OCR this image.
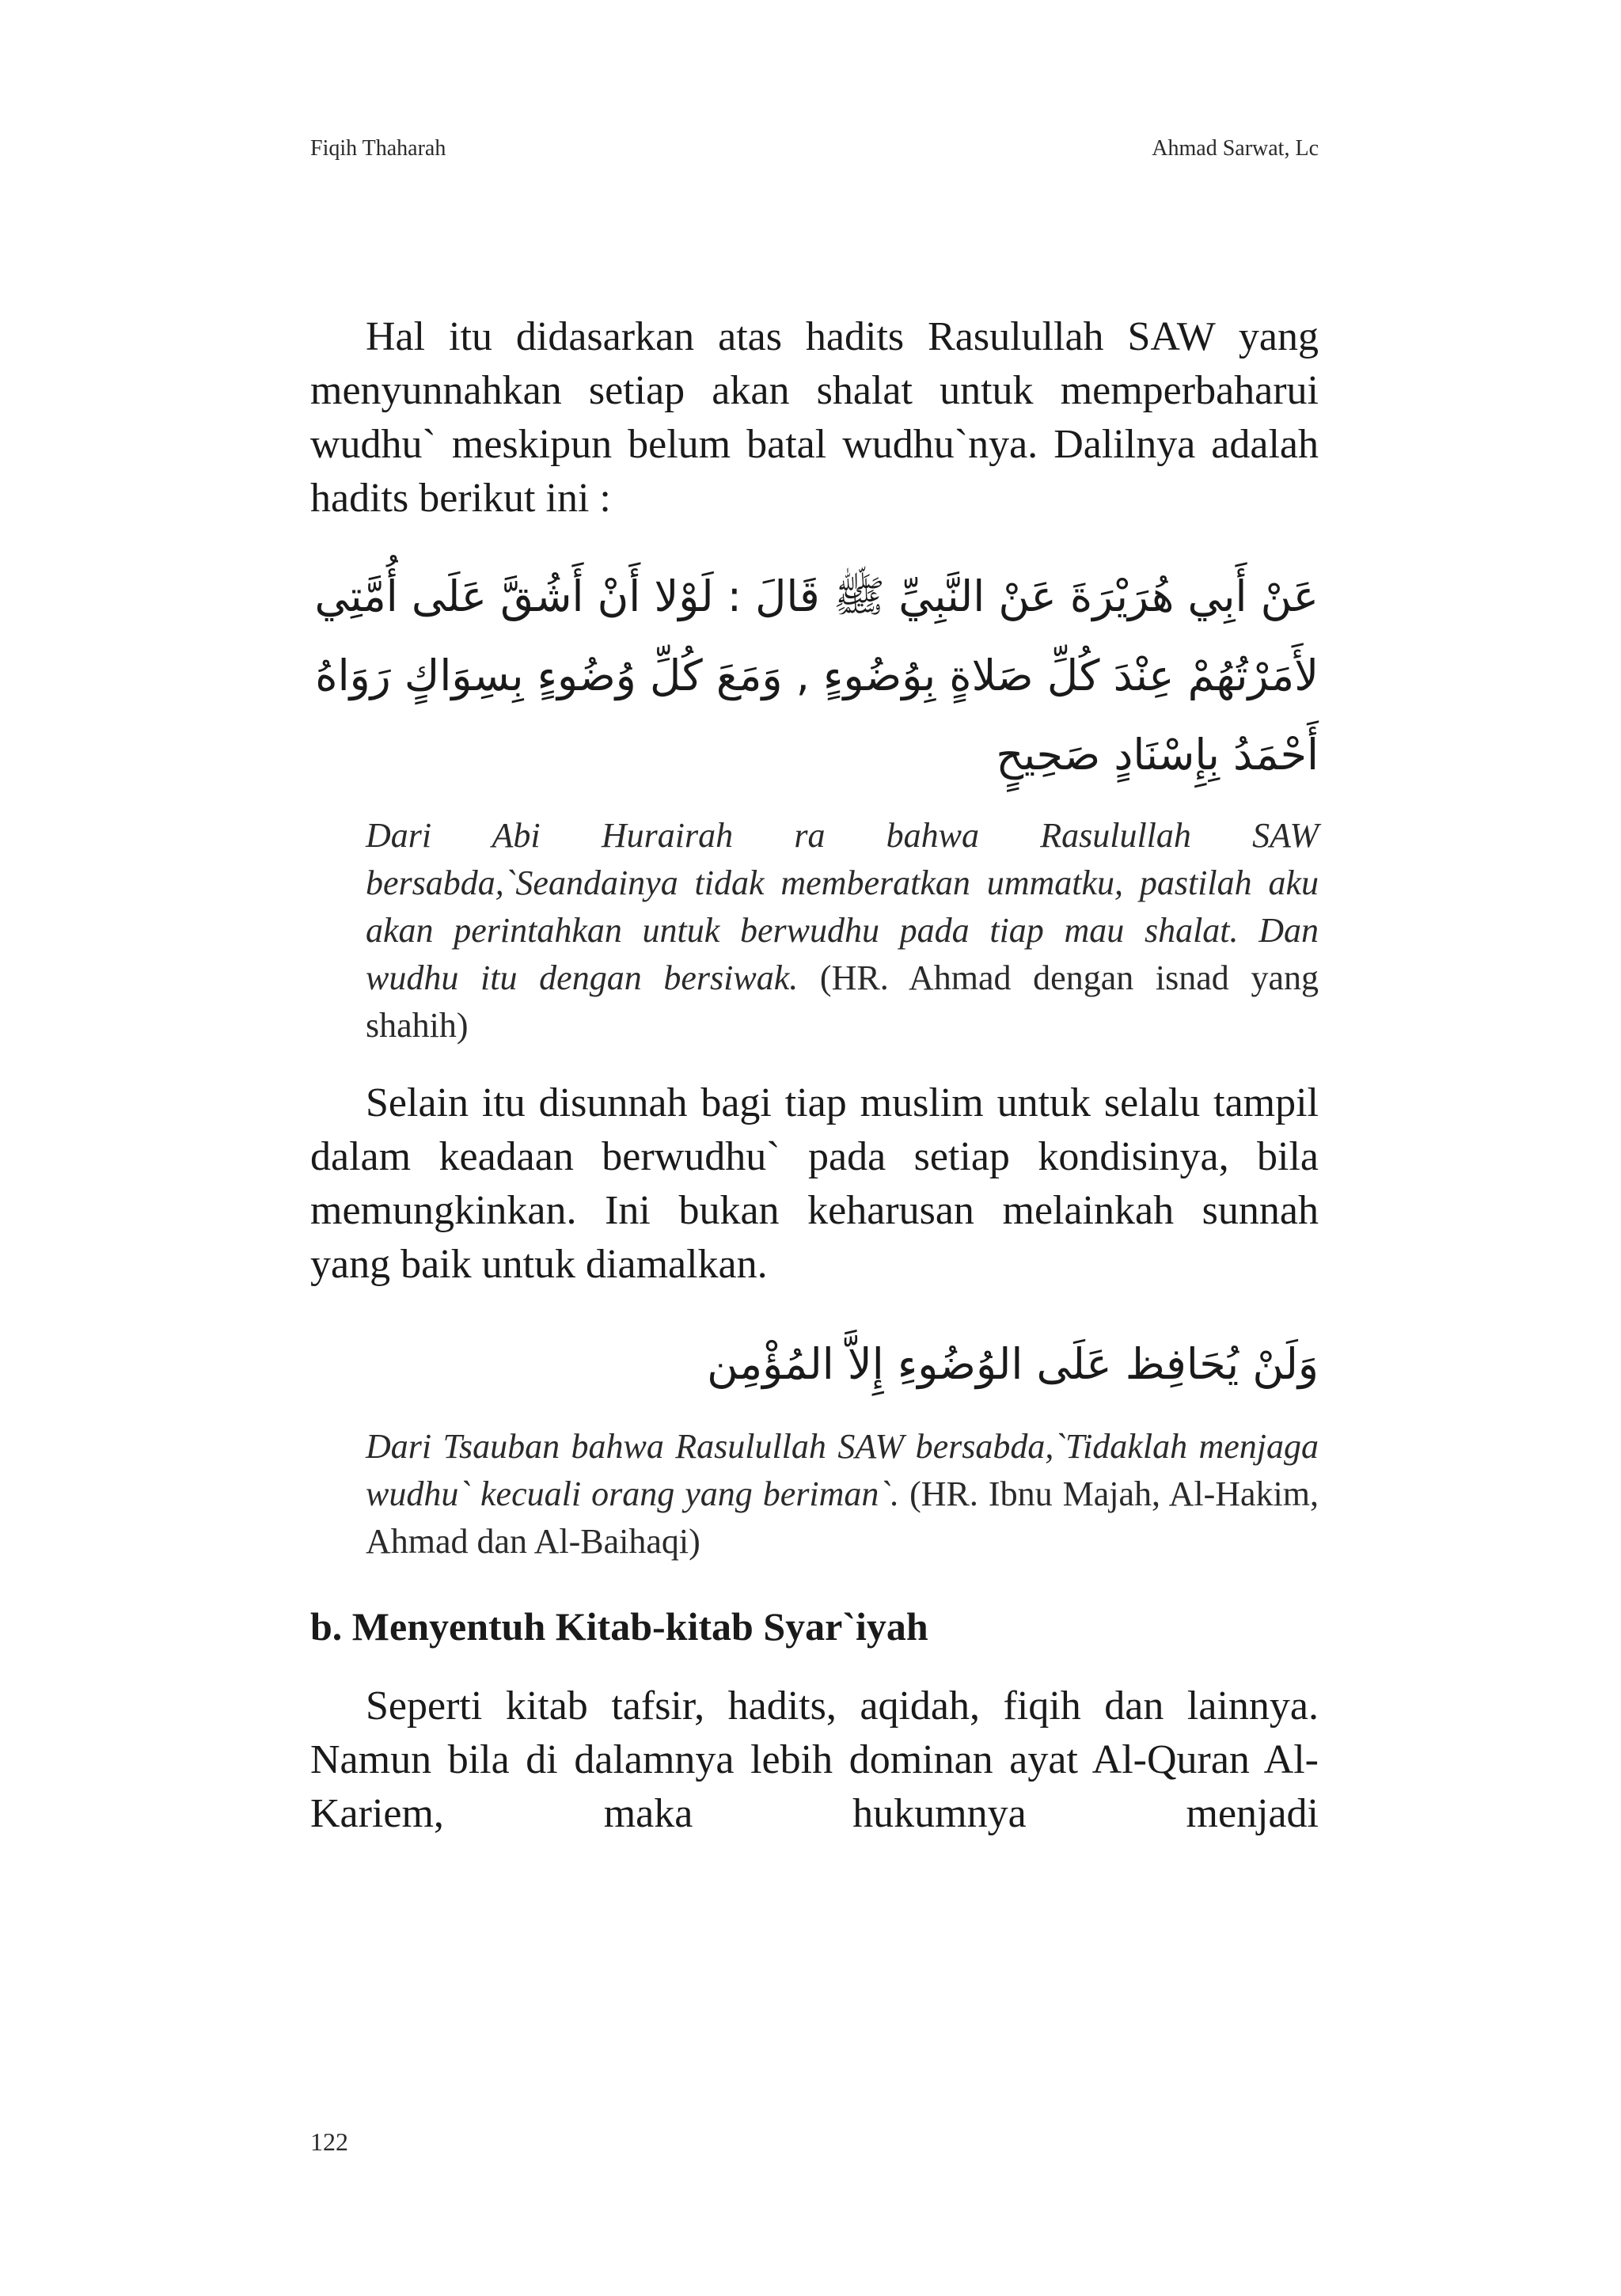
Fiqih Thaharah	Ahmad Sarwat, Lc

Hal itu didasarkan atas hadits Rasulullah SAW yang menyunnahkan setiap akan shalat untuk memperbaharui wudhu` meskipun belum batal wudhu`nya. Dalilnya adalah hadits berikut ini :

عَنْ أَبِي هُرَيْرَةَ عَنْ النَّبِيِّ ﷺ قَالَ : لَوْلا أَنْ أَشُقَّ عَلَى أُمَّتِي
لأَمَرْتُهُمْ عِنْدَ كُلِّ صَلاةٍ بِوُضُوءٍ , وَمَعَ كُلِّ وُضُوءٍ بِسِوَاكٍ رَوَاهُ
أَحْمَدُ بِإِسْنَادٍ صَحِيحٍ

Dari Abi Hurairah ra bahwa Rasulullah SAW bersabda,`Seandainya tidak memberatkan ummatku, pastilah aku akan perintahkan untuk berwudhu pada tiap mau shalat. Dan wudhu itu dengan bersiwak. (HR. Ahmad dengan isnad yang shahih)

Selain itu disunnah bagi tiap muslim untuk selalu tampil dalam keadaan berwudhu` pada setiap kondisinya, bila memungkinkan. Ini bukan keharusan melainkah sunnah yang baik untuk diamalkan.

وَلَنْ يُحَافِظ عَلَى الوُضُوءِ إِلاَّ المُؤْمِن

Dari Tsauban bahwa Rasulullah SAW bersabda,`Tidaklah menjaga wudhu` kecuali orang yang beriman`. (HR. Ibnu Majah, Al-Hakim, Ahmad dan Al-Baihaqi)

b. Menyentuh Kitab-kitab Syar`iyah

Seperti kitab tafsir, hadits, aqidah, fiqih dan lainnya. Namun bila di dalamnya lebih dominan ayat Al-Quran Al-Kariem, maka hukumnya menjadi

122
